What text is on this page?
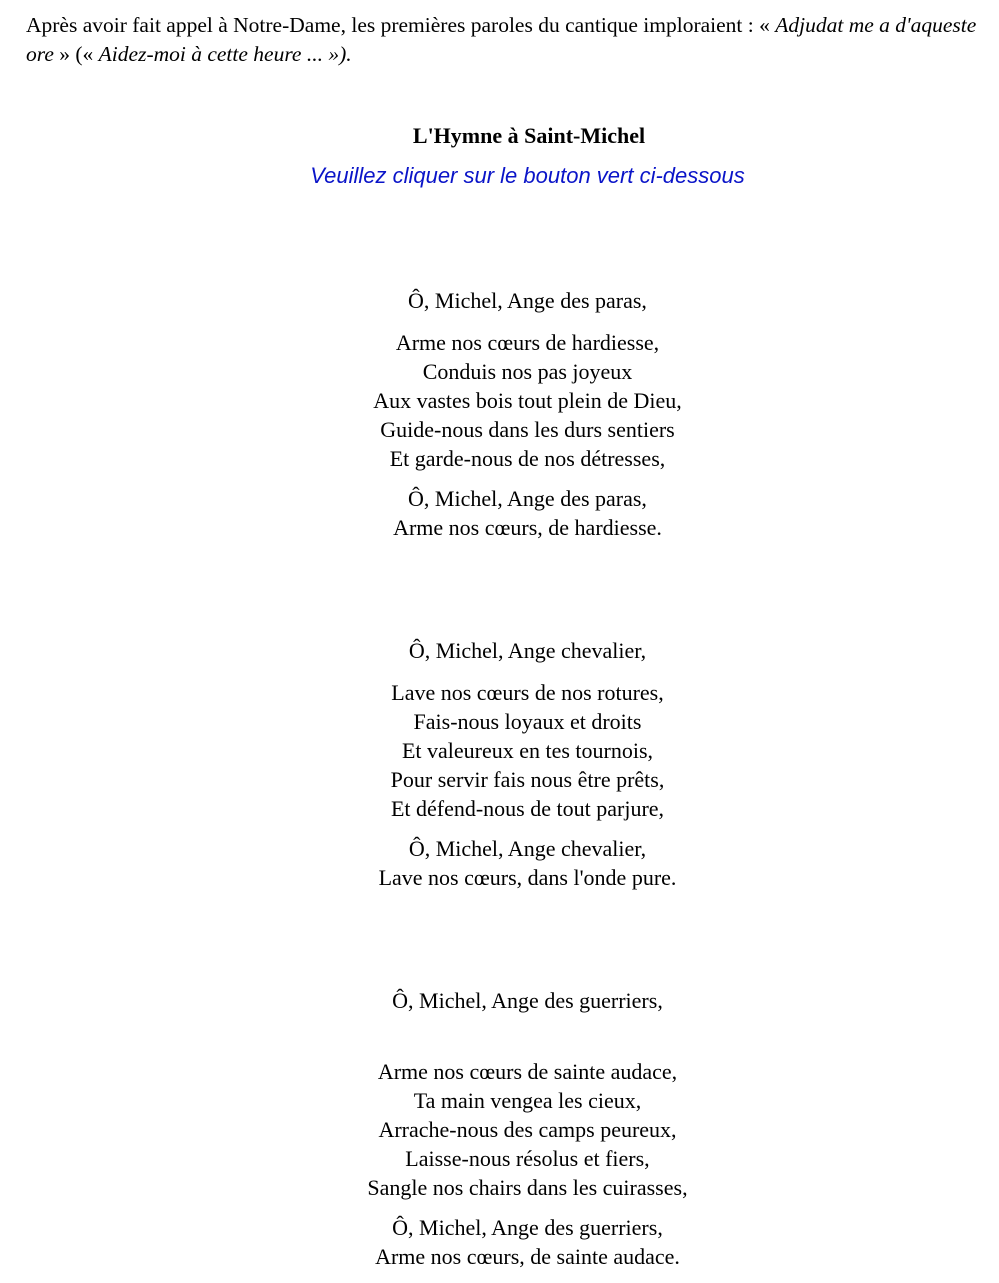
Après avoir fait appel à Notre-Dame, les premières paroles du cantique imploraient : « Adjudat me a d'aqueste ore » (« Aidez-moi à cette heure ... »).

L'Hymne à Saint-Michel

Veuillez cliquer sur le bouton vert ci-dessous

Ô, Michel, Ange des paras,

Arme nos cœurs de hardiesse,

Conduis nos pas joyeux

Aux vastes bois tout plein de Dieu,

Guide-nous dans les durs sentiers

Et garde-nous de nos détresses,

Ô, Michel, Ange des paras,

Arme nos cœurs, de hardiesse.

Ô, Michel, Ange chevalier,

Lave nos cœurs de nos rotures,

Fais-nous loyaux et droits

Et valeureux en tes tournois,

Pour servir fais nous être prêts,

Et défend-nous de tout parjure,

Ô, Michel, Ange chevalier,

Lave nos cœurs, dans l'onde pure.

Ô, Michel, Ange des guerriers,

Arme nos cœurs de sainte audace,

Ta main vengea les cieux,

Arrache-nous des camps peureux,

Laisse-nous résolus et fiers,

Sangle nos chairs dans les cuirasses,

Ô, Michel, Ange des guerriers,

Arme nos cœurs, de sainte audace.
